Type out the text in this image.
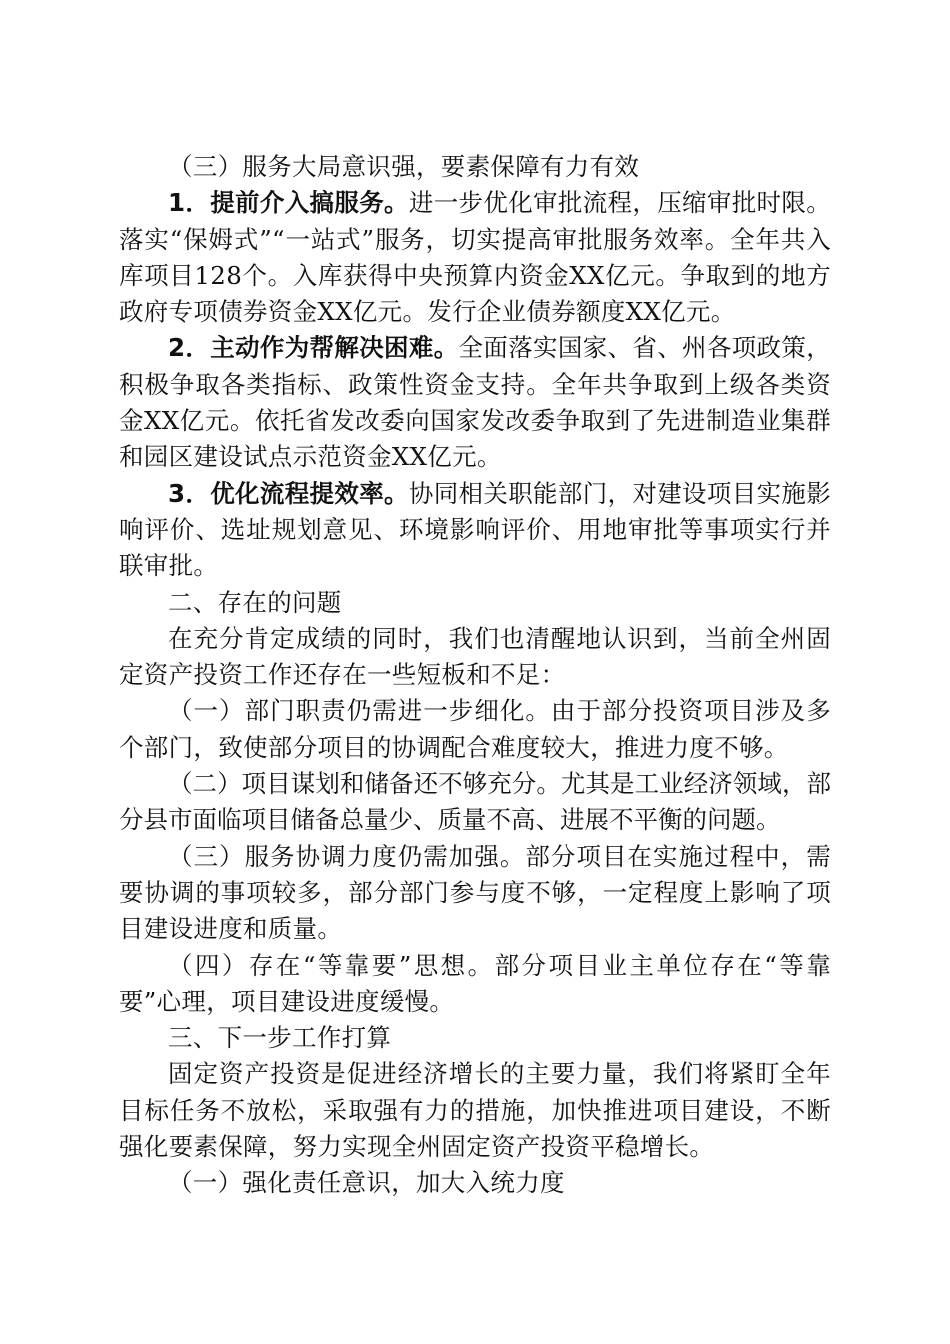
（三）服务大局意识强，要素保障有力有效

1．提前介入搞服务。进一步优化审批流程，压缩审批时限。落实“保姆式”“一站式”服务，切实提高审批服务效率。全年共入库项目128个。入库获得中央预算内资金XX亿元。争取到的地方政府专项债券资金XX亿元。发行企业债券额度XX亿元。

2．主动作为帮解决困难。全面落实国家、省、州各项政策，积极争取各类指标、政策性资金支持。全年共争取到上级各类资金XX亿元。依托省发改委向国家发改委争取到了先进制造业集群和园区建设试点示范资金XX亿元。

3．优化流程提效率。协同相关职能部门，对建设项目实施影响评价、选址规划意见、环境影响评价、用地审批等事项实行并联审批。

二、存在的问题

在充分肯定成绩的同时，我们也清醒地认识到，当前全州固定资产投资工作还存在一些短板和不足：

（一）部门职责仍需进一步细化。由于部分投资项目涉及多个部门，致使部分项目的协调配合难度较大，推进力度不够。

（二）项目谋划和储备还不够充分。尤其是工业经济领域，部分县市面临项目储备总量少、质量不高、进展不平衡的问题。

（三）服务协调力度仍需加强。部分项目在实施过程中，需要协调的事项较多，部分部门参与度不够，一定程度上影响了项目建设进度和质量。

（四）存在“等靠要”思想。部分项目业主单位存在“等靠要”心理，项目建设进度缓慢。

三、下一步工作打算

固定资产投资是促进经济增长的主要力量，我们将紧盯全年目标任务不放松，采取强有力的措施，加快推进项目建设，不断强化要素保障，努力实现全州固定资产投资平稳增长。

（一）强化责任意识，加大入统力度
